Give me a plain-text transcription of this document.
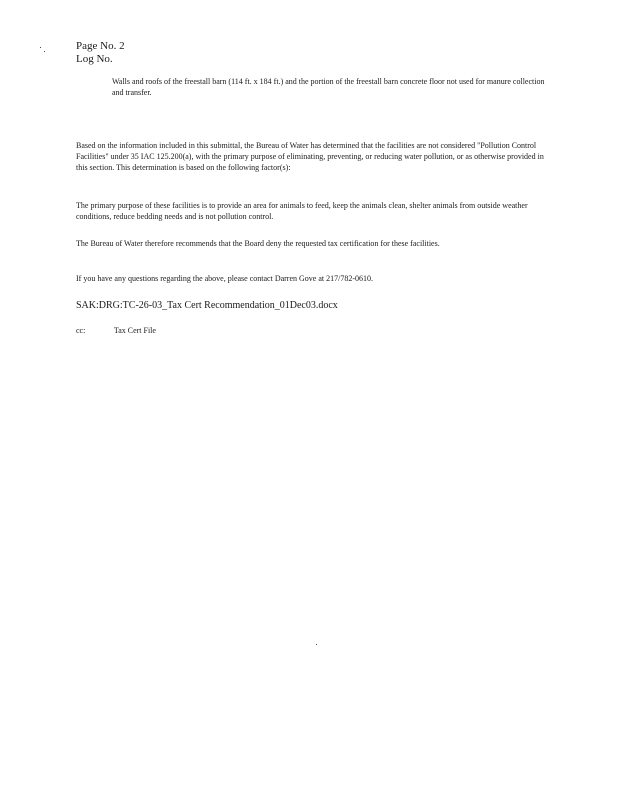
Page No. 2
Log No.

Walls and roofs of the freestall barn (114 ft. x 184 ft.) and the portion of the freestall barn concrete floor not used for manure collection and transfer.

Based on the information included in this submittal, the Bureau of Water has determined that the facilities are not considered "Pollution Control Facilities" under 35 IAC 125.200(a), with the primary purpose of eliminating, preventing, or reducing water pollution, or as otherwise provided in this section. This determination is based on the following factor(s):

The primary purpose of these facilities is to provide an area for animals to feed, keep the animals clean, shelter animals from outside weather conditions, reduce bedding needs and is not pollution control.

The Bureau of Water therefore recommends that the Board deny the requested tax certification for these facilities.

If you have any questions regarding the above, please contact Darren Gove at 217/782-0610.

SAK:DRG:TC-26-03_Tax Cert Recommendation_01Dec03.docx
cc:	Tax Cert File
